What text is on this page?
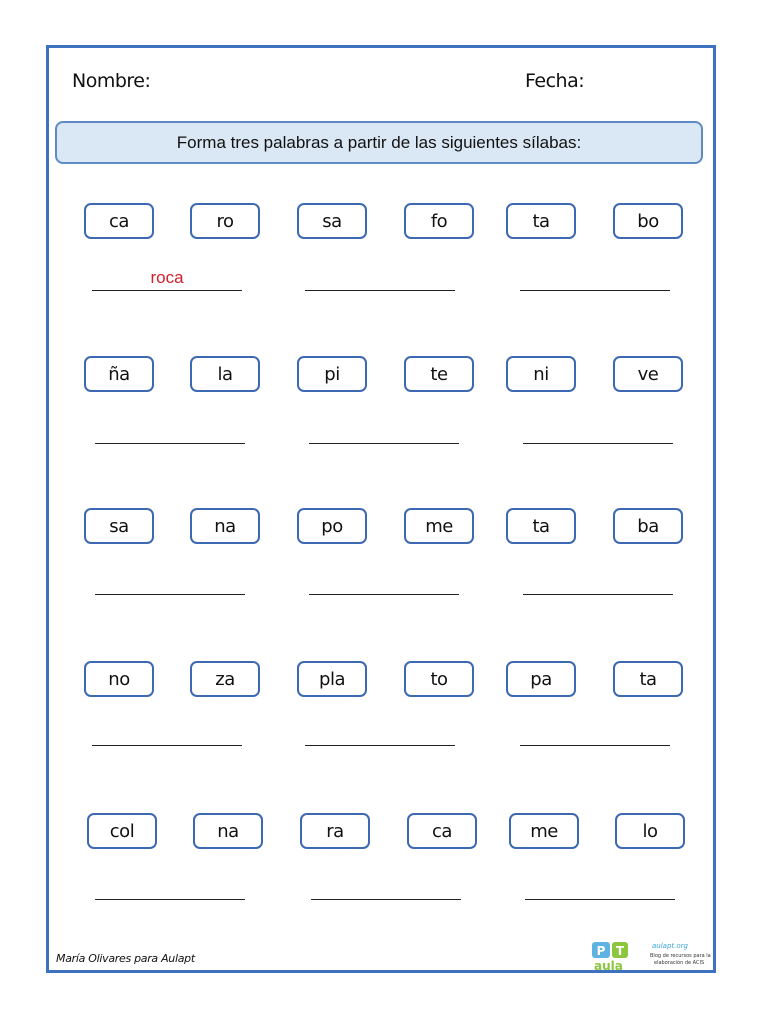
Nombre:	Fecha:
Forma tres palabras a partir de las siguientes sílabas:
ca	ro	sa	fo	ta	bo
roca
ña	la	pi	te	ni	ve
sa	na	po	me	ta	ba
no	za	pla	to	pa	ta
col	na	ra	ca	me	lo
María Olivares para Aulapt
P T
aula
aulapt.org
Blog de recursos para la
elaboración de ACIS
